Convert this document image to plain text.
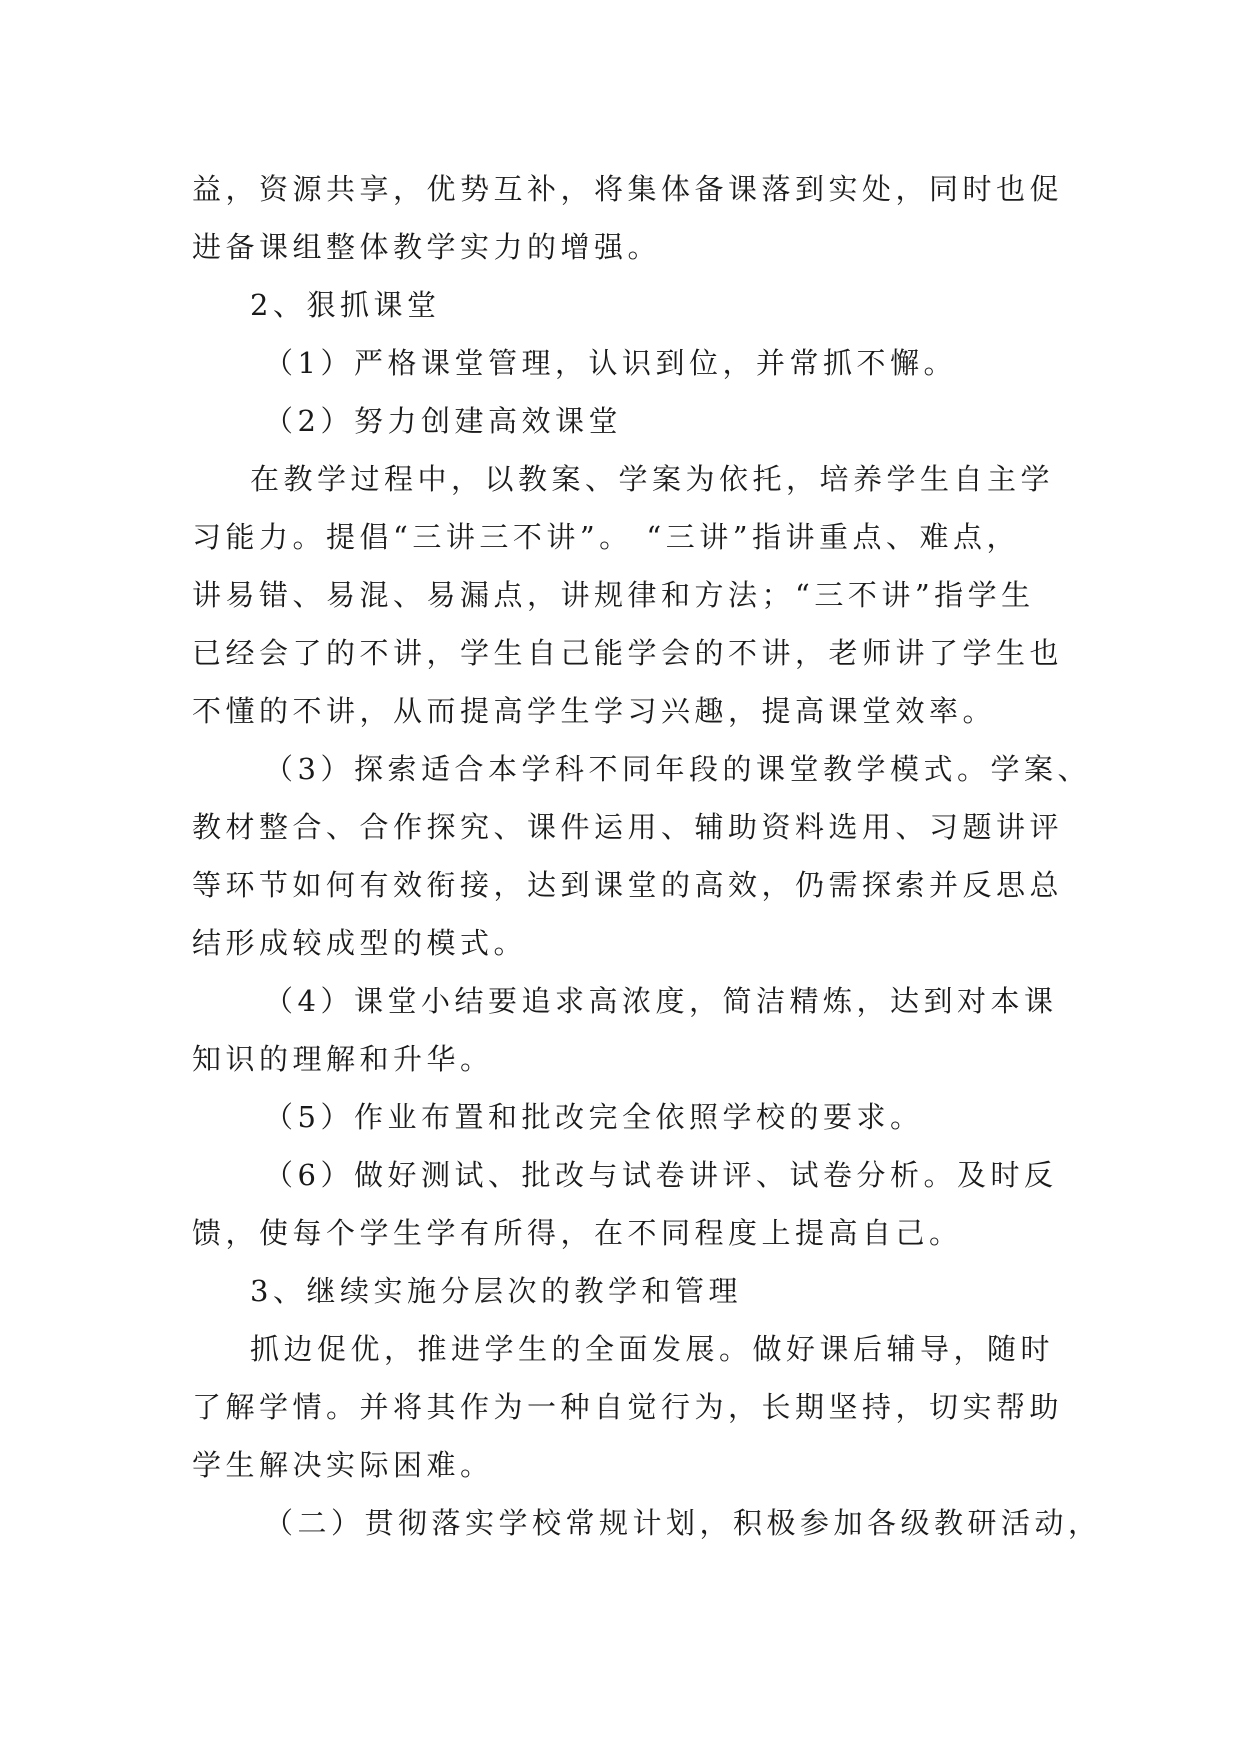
益，资源共享，优势互补，将集体备课落到实处，同时也促
进备课组整体教学实力的增强。
2、狠抓课堂
（1）严格课堂管理，认识到位，并常抓不懈。
（2）努力创建高效课堂
在教学过程中，以教案、学案为依托，培养学生自主学
习能力。提倡“三讲三不讲”。 “三讲”指讲重点、难点，
讲易错、易混、易漏点，讲规律和方法；“三不讲”指学生
已经会了的不讲，学生自己能学会的不讲，老师讲了学生也
不懂的不讲，从而提高学生学习兴趣，提高课堂效率。
（3）探索适合本学科不同年段的课堂教学模式。学案、
教材整合、合作探究、课件运用、辅助资料选用、习题讲评
等环节如何有效衔接，达到课堂的高效，仍需探索并反思总
结形成较成型的模式。
（4）课堂小结要追求高浓度，简洁精炼，达到对本课
知识的理解和升华。
（5）作业布置和批改完全依照学校的要求。
（6）做好测试、批改与试卷讲评、试卷分析。及时反
馈，使每个学生学有所得，在不同程度上提高自己。
3、继续实施分层次的教学和管理
抓边促优，推进学生的全面发展。做好课后辅导，随时
了解学情。并将其作为一种自觉行为，长期坚持，切实帮助
学生解决实际困难。
（二）贯彻落实学校常规计划，积极参加各级教研活动，
